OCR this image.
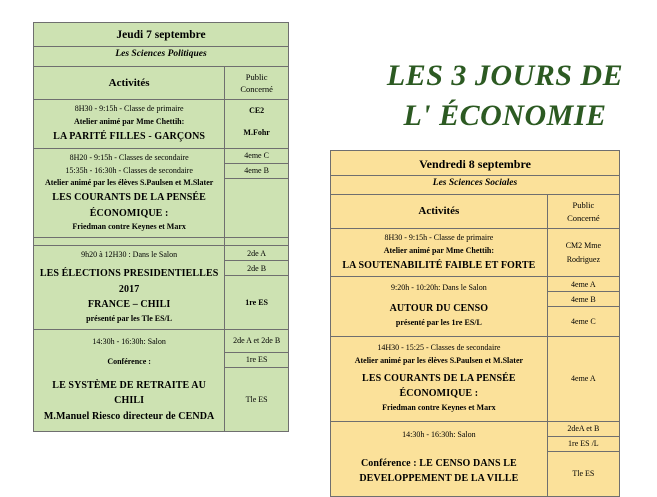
LES 3 JOURS DE
L' ÉCONOMIE
Jeudi 7 septembre	
Les Sciences Politiques	
Activités	Public
Concerné

8H30 - 9:15h - Classe de primaire
Atelier animé par Mme Chettih:
LA PARITÉ FILLES - GARÇONS	CE2
	M.Fohr

8H20 - 9:15h - Classes de secondaire
15:35h - 16:30h - Classes de secondaire
Atelier animé par les élèves S.Paulsen et M.Slater
LES COURANTS DE LA PENSÉE
ÉCONOMIQUE :
Friedman contre Keynes et Marx
	4eme C
	4eme B

9h20 à 12H30 : Dans le Salon
LES ÉLECTIONS PRESIDENTIELLES 2017
FRANCE – CHILI
présenté par les Tle ES/L	2de A
	2de B
	1re ES

14:30h - 16:30h: Salon
Conférence :
LE SYSTÈME DE RETRAITE AU CHILI
M.Manuel Riesco directeur de CENDA	2de A et 2de B
	1re ES
	Tle ES
Vendredi 8 septembre	
Les Sciences Sociales	
Activités	Public
Concerné

8H30 - 9:15h - Classe de primaire
Atelier animé par Mme Chettih:
LA SOUTENABILITÉ FAIBLE ET FORTE	CM2 Mme
	Rodriguez

9:20h - 10:20h: Dans le Salon
AUTOUR DU CENSO
présenté par les 1re ES/L	4eme A
	4eme B
	4eme C

14H30 - 15:25 - Classes de secondaire
Atelier animé par les élèves S.Paulsen et M.Slater
LES COURANTS DE LA PENSÉE
ÉCONOMIQUE :
Friedman contre Keynes et Marx	4eme A

14:30h - 16:30h: Salon
Conférence : LE CENSO DANS LE
DEVELOPPEMENT DE LA VILLE	2deA et B
	1re ES /L
	Tle ES
